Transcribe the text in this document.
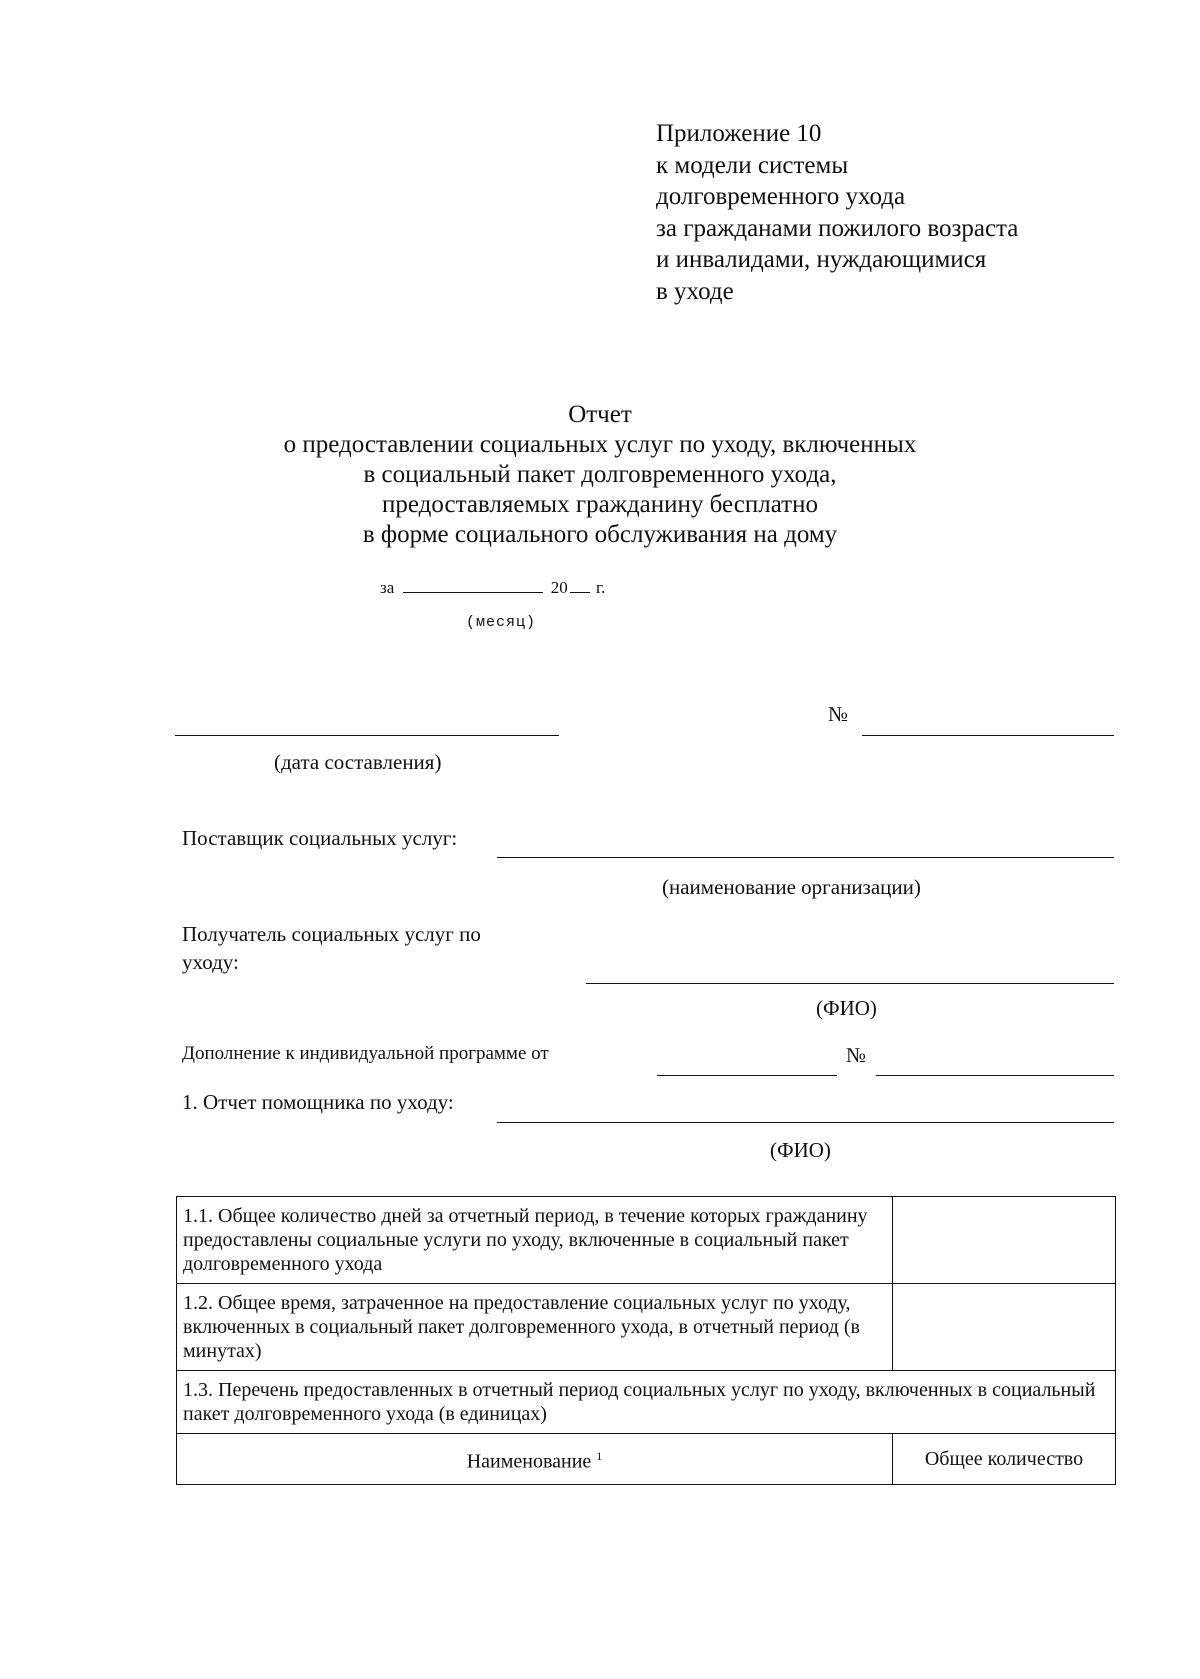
Приложение 10
к модели системы
долговременного ухода
за гражданами пожилого возраста
и инвалидами, нуждающимися
в уходе
Отчет
о предоставлении социальных услуг по уходу, включенных
в социальный пакет долговременного ухода,
предоставляемых гражданину бесплатно
в форме социального обслуживания на дому
за	20 г.
(месяц)
№
(дата составления)
Поставщик социальных услуг:
(наименование организации)
Получатель социальных услуг по
уходу:
(ФИО)
Дополнение к индивидуальной программе от	№
1. Отчет помощника по уходу:
(ФИО)
1.1. Общее количество дней за отчетный период, в течение которых гражданину предоставлены социальные услуги по уходу, включенные в социальный пакет долговременного ухода	
1.2. Общее время, затраченное на предоставление социальных услуг по уходу, включенных в социальный пакет долговременного ухода, в отчетный период (в минутах)	
1.3. Перечень предоставленных в отчетный период социальных услуг по уходу, включенных в социальный пакет долговременного ухода (в единицах)	
Наименование $^1$	Общее количество
